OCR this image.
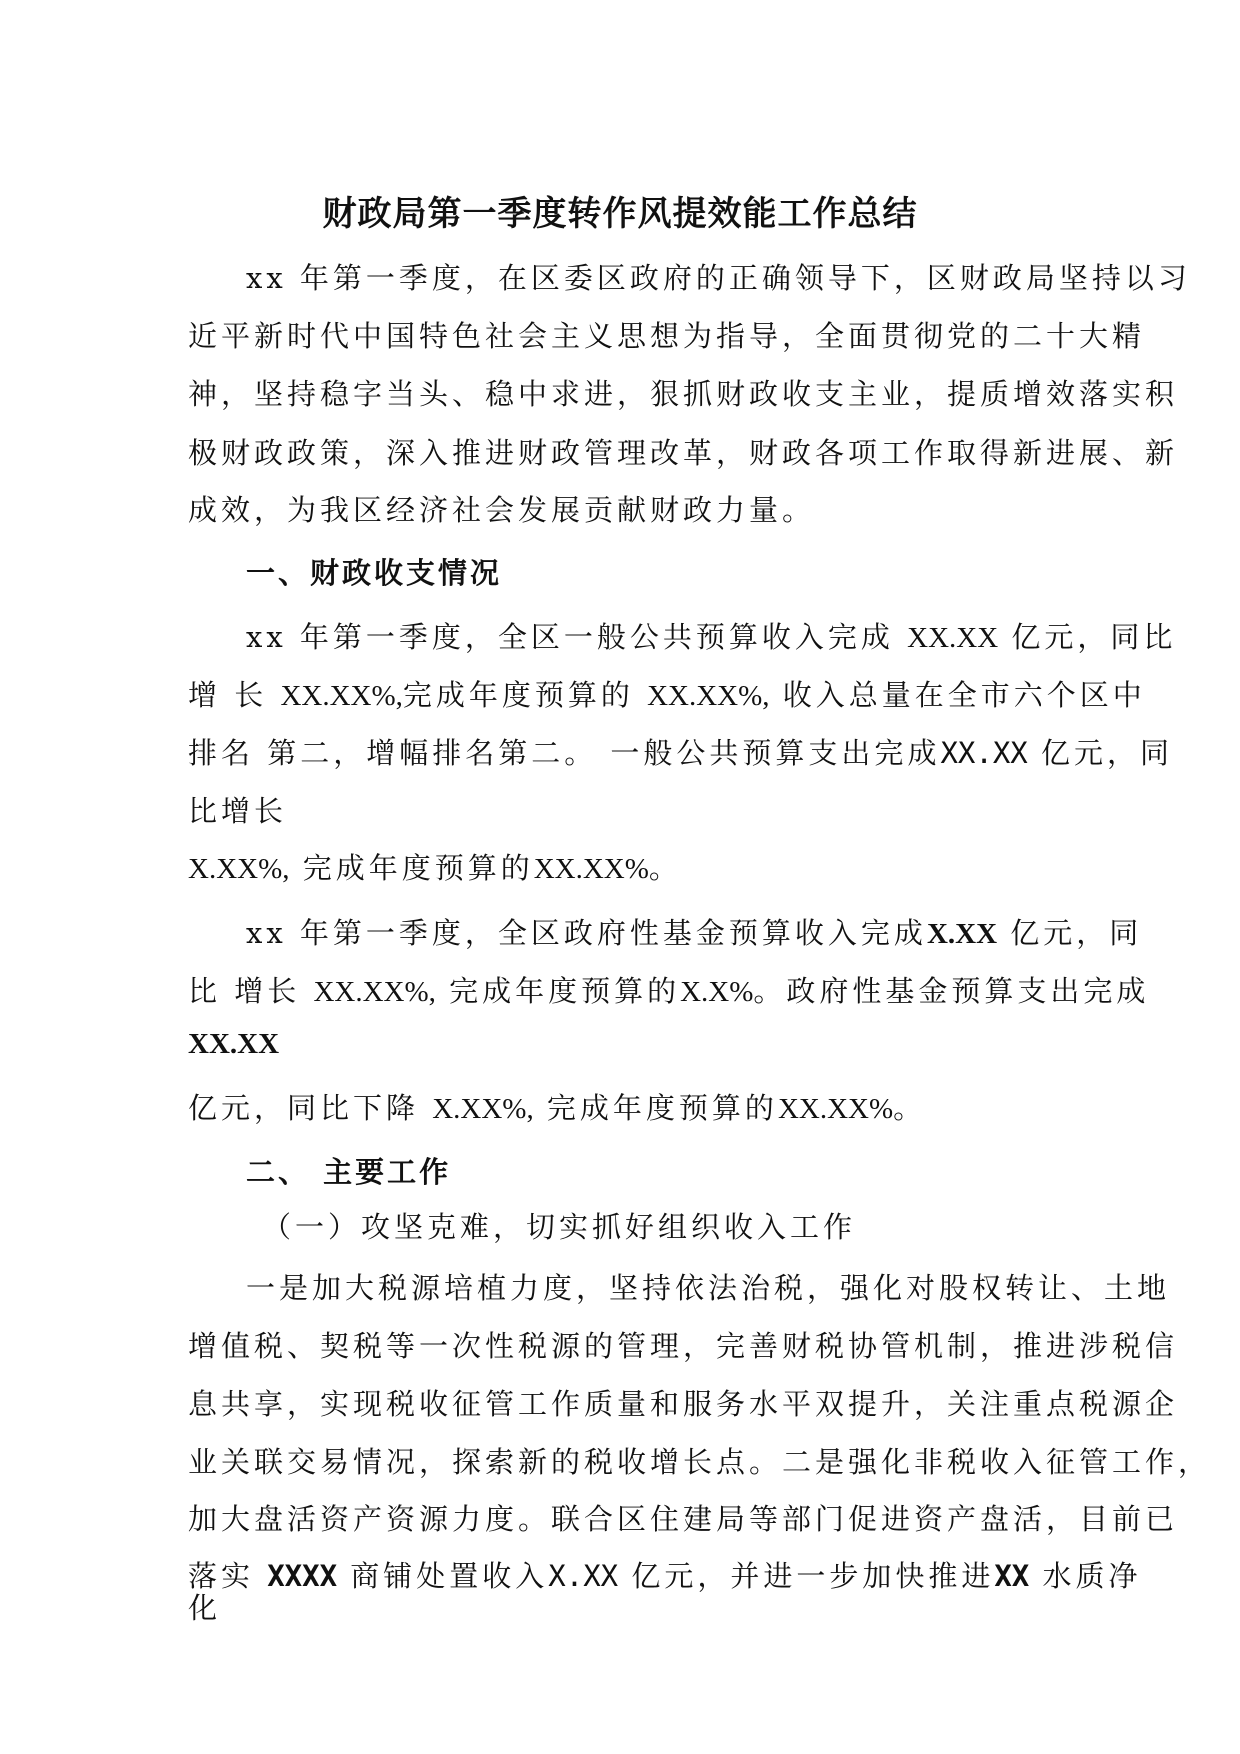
财政局第一季度转作风提效能工作总结
xx 年第一季度，在区委区政府的正确领导下，区财政局坚持以习
近平新时代中国特色社会主义思想为指导，全面贯彻党的二十大精
神，坚持稳字当头、稳中求进，狠抓财政收支主业，提质增效落实积
极财政政策，深入推进财政管理改革，财政各项工作取得新进展、新
成效，为我区经济社会发展贡献财政力量。
一、财政收支情况
xx 年第一季度，全区一般公共预算收入完成 XX.XX 亿元，同比
增 长 XX.XX%,完成年度预算的 XX.XX%, 收入总量在全市六个区中
排名 第二，增幅排名第二。 一般公共预算支出完成XX.XX 亿元，同
比增长
X.XX%, 完成年度预算的XX.XX%。
xx 年第一季度，全区政府性基金预算收入完成X.XX 亿元，同
比 增长 XX.XX%, 完成年度预算的X.X%。政府性基金预算支出完成
XX.XX
亿元，同比下降 X.XX%, 完成年度预算的XX.XX%。
二、 主要工作
（一）攻坚克难，切实抓好组织收入工作
一是加大税源培植力度，坚持依法治税，强化对股权转让、土地
增值税、契税等一次性税源的管理，完善财税协管机制，推进涉税信
息共享，实现税收征管工作质量和服务水平双提升，关注重点税源企
业关联交易情况，探索新的税收增长点。二是强化非税收入征管工作，
加大盘活资产资源力度。联合区住建局等部门促进资产盘活，目前已
落实 XXXX 商铺处置收入X.XX 亿元，并进一步加快推进XX 水质净
化
